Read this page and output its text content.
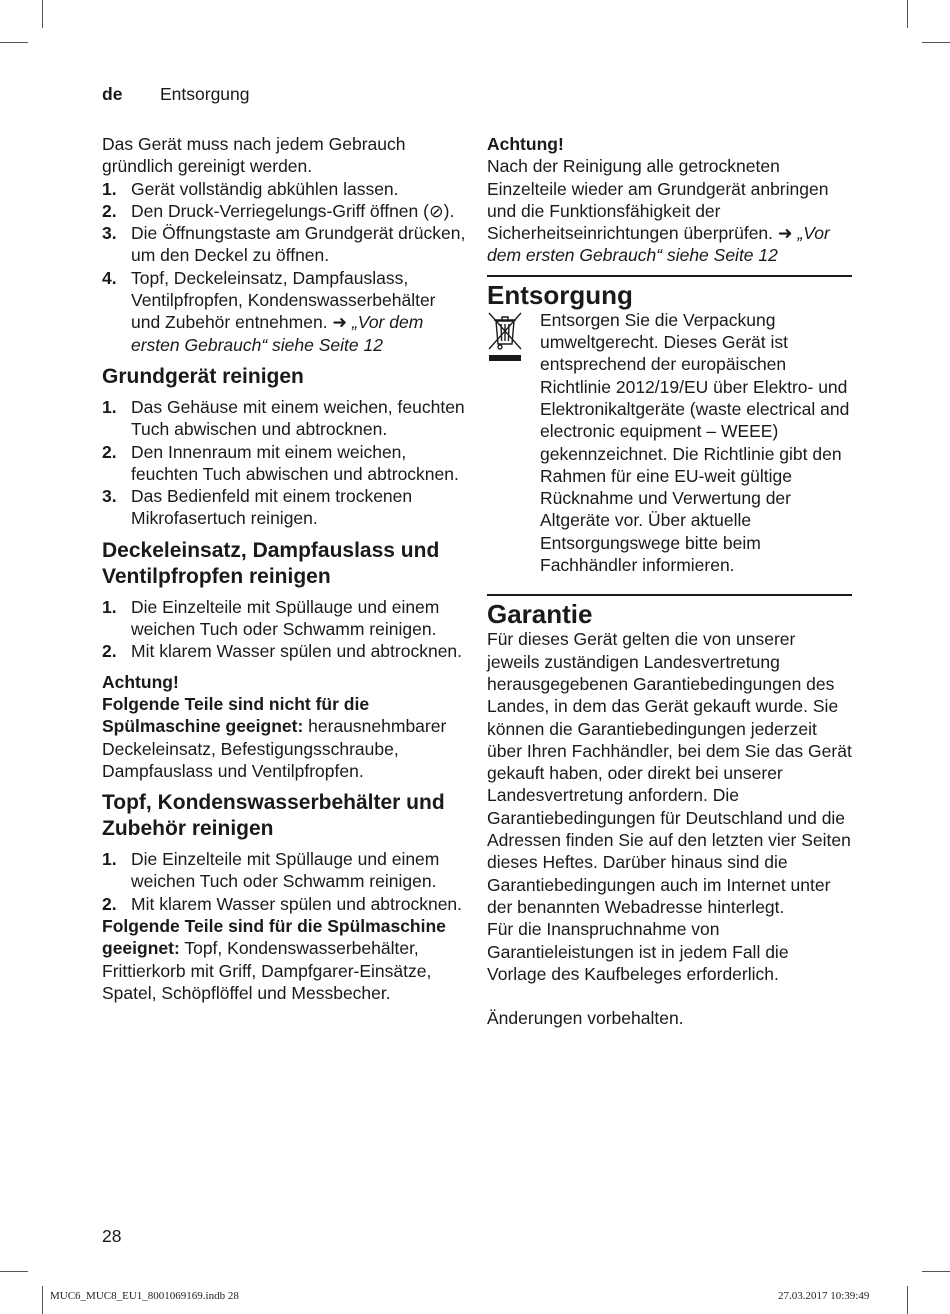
de Entsorgung

Das Gerät muss nach jedem Gebrauch gründlich gereinigt werden.

1. Gerät vollständig abkühlen lassen.
2. Den Druck-Verriegelungs-Griff öffnen (⊘).
3. Die Öffnungstaste am Grundgerät drücken, um den Deckel zu öffnen.
4. Topf, Deckeleinsatz, Dampfauslass, Ventilpfropfen, Kondenswasserbehälter und Zubehör entnehmen. ➜ „Vor dem ersten Gebrauch“ siehe Seite 12
Grundgerät reinigen
1. Das Gehäuse mit einem weichen, feuchten Tuch abwischen und abtrocknen.
2. Den Innenraum mit einem weichen, feuchten Tuch abwischen und abtrocknen.
3. Das Bedienfeld mit einem trockenen Mikrofasertuch reinigen.
Deckeleinsatz, Dampfauslass und Ventilpfropfen reinigen
1. Die Einzelteile mit Spüllauge und einem weichen Tuch oder Schwamm reinigen.
2. Mit klarem Wasser spülen und abtrocknen.

Achtung!

Folgende Teile sind nicht für die Spülmaschine geeignet: herausnehmbarer Deckeleinsatz, Befestigungsschraube, Dampfauslass und Ventilpfropfen.

Topf, Kondenswasserbehälter und Zubehör reinigen
1. Die Einzelteile mit Spüllauge und einem weichen Tuch oder Schwamm reinigen.
2. Mit klarem Wasser spülen und abtrocknen.

Folgende Teile sind für die Spülmaschine geeignet: Topf, Kondenswasserbehälter, Frittierkorb mit Griff, Dampfgarer-Einsätze, Spatel, Schöpflöffel und Messbecher.

Achtung!

Nach der Reinigung alle getrockneten Einzelteile wieder am Grundgerät anbringen und die Funktionsfähigkeit der Sicherheitseinrichtungen überprüfen. ➜ „Vor dem ersten Gebrauch“ siehe Seite 12

Entsorgung

Entsorgen Sie die Verpackung umweltgerecht. Dieses Gerät ist entsprechend der europäischen Richtlinie 2012/19/EU über Elektro- und Elektronikaltgeräte (waste electrical and electronic equipment – WEEE) gekennzeichnet. Die Richtlinie gibt den Rahmen für eine EU-weit gültige Rücknahme und Verwertung der Altgeräte vor. Über aktuelle Entsorgungswege bitte beim Fachhändler informieren.

Garantie

Für dieses Gerät gelten die von unserer jeweils zuständigen Landesvertretung herausgegebenen Garantiebedingungen des Landes, in dem das Gerät gekauft wurde. Sie können die Garantiebedingungen jederzeit über Ihren Fachhändler, bei dem Sie das Gerät gekauft haben, oder direkt bei unserer Landesvertretung anfordern. Die Garantiebedingungen für Deutschland und die Adressen finden Sie auf den letzten vier Seiten dieses Heftes. Darüber hinaus sind die Garantiebedingungen auch im Internet unter der benannten Webadresse hinterlegt.

Für die Inanspruchnahme von Garantieleistungen ist in jedem Fall die Vorlage des Kaufbeleges erforderlich.

Änderungen vorbehalten.

28
MUC6_MUC8_EU1_8001069169.indb 28	27.03.2017 10:39:49
